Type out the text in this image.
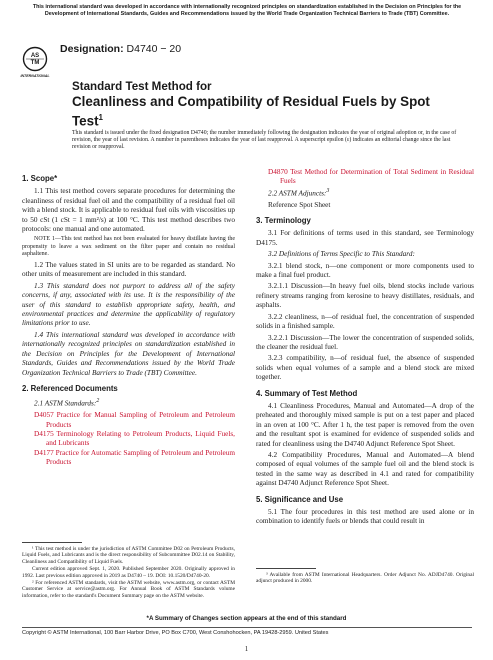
This international standard was developed in accordance with internationally recognized principles on standardization established in the Decision on Principles for the Development of International Standards, Guides and Recommendations issued by the World Trade Organization Technical Barriers to Trade (TBT) Committee.
AS
TM
INTERNATIONAL
Designation: D4740 − 20
Standard Test Method for
Cleanliness and Compatibility of Residual Fuels by Spot Test$^1$
This standard is issued under the fixed designation D4740; the number immediately following the designation indicates the year of original adoption or, in the case of revision, the year of last revision. A number in parentheses indicates the year of last reapproval. A superscript epsilon (ε) indicates an editorial change since the last revision or reapproval.
1. Scope*

1.1 This test method covers separate procedures for determining the cleanliness of residual fuel oil and the compatibility of a residual fuel oil with a blend stock. It is applicable to residual fuel oils with viscosities up to 50 cSt (1 cSt = 1 mm²/s) at 100 °C. This test method describes two protocols: one manual and one automated.

NOTE 1—This test method has not been evaluated for heavy distillate having the propensity to leave a wax sediment on the filter paper and contain no residual asphaltene.

1.2 The values stated in SI units are to be regarded as standard. No other units of measurement are included in this standard.

1.3 This standard does not purport to address all of the safety concerns, if any, associated with its use. It is the responsibility of the user of this standard to establish appropriate safety, health, and environmental practices and determine the applicability of regulatory limitations prior to use.

1.4 This international standard was developed in accordance with internationally recognized principles on standardization established in the Decision on Principles for the Development of International Standards, Guides and Recommendations issued by the World Trade Organization Technical Barriers to Trade (TBT) Committee.

2. Referenced Documents

2.1 ASTM Standards:$^2$

D4057 Practice for Manual Sampling of Petroleum and Petroleum Products
D4175 Terminology Relating to Petroleum Products, Liquid Fuels, and Lubricants
D4177 Practice for Automatic Sampling of Petroleum and Petroleum Products
D4870 Test Method for Determination of Total Sediment in Residual Fuels

2.2 ASTM Adjuncts:$^3$

Reference Spot Sheet
3. Terminology

3.1 For definitions of terms used in this standard, see Terminology D4175.

3.2 Definitions of Terms Specific to This Standard:

3.2.1 blend stock, n—one component or more components used to make a final fuel product.

3.2.1.1 Discussion—In heavy fuel oils, blend stocks include various refinery streams ranging from kerosine to heavy distillates, residuals, and asphalts.

3.2.2 cleanliness, n—of residual fuel, the concentration of suspended solids in a finished sample.

3.2.2.1 Discussion—The lower the concentration of suspended solids, the cleaner the residual fuel.

3.2.3 compatibility, n—of residual fuel, the absence of suspended solids when equal volumes of a sample and a blend stock are mixed together.

4. Summary of Test Method

4.1 Cleanliness Procedures, Manual and Automated—A drop of the preheated and thoroughly mixed sample is put on a test paper and placed in an oven at 100 °C. After 1 h, the test paper is removed from the oven and the resultant spot is examined for evidence of suspended solids and rated for cleanliness using the D4740 Adjunct Reference Spot Sheet.

4.2 Compatibility Procedures, Manual and Automated—A blend composed of equal volumes of the sample fuel oil and the blend stock is tested in the same way as described in 4.1 and rated for compatibility against D4740 Adjunct Reference Spot Sheet.

5. Significance and Use

5.1 The four procedures in this test method are used alone or in combination to identify fuels or blends that could result in

¹ This test method is under the jurisdiction of ASTM Committee D02 on Petroleum Products, Liquid Fuels, and Lubricants and is the direct responsibility of Subcommittee D02.14 on Stability, Cleanliness and Compatibility of Liquid Fuels.

Current edition approved Sept. 1, 2020. Published September 2020. Originally approved in 1992. Last previous edition approved in 2019 as D4740 – 19. DOI: 10.1520/D4740-20.

² For referenced ASTM standards, visit the ASTM website, www.astm.org, or contact ASTM Customer Service at service@astm.org. For Annual Book of ASTM Standards volume information, refer to the standard's Document Summary page on the ASTM website.

³ Available from ASTM International Headquarters. Order Adjunct No. ADJD4740. Original adjunct produced in 2000.
*A Summary of Changes section appears at the end of this standard
Copyright © ASTM International, 100 Barr Harbor Drive, PO Box C700, West Conshohocken, PA 19428-2959. United States
1
